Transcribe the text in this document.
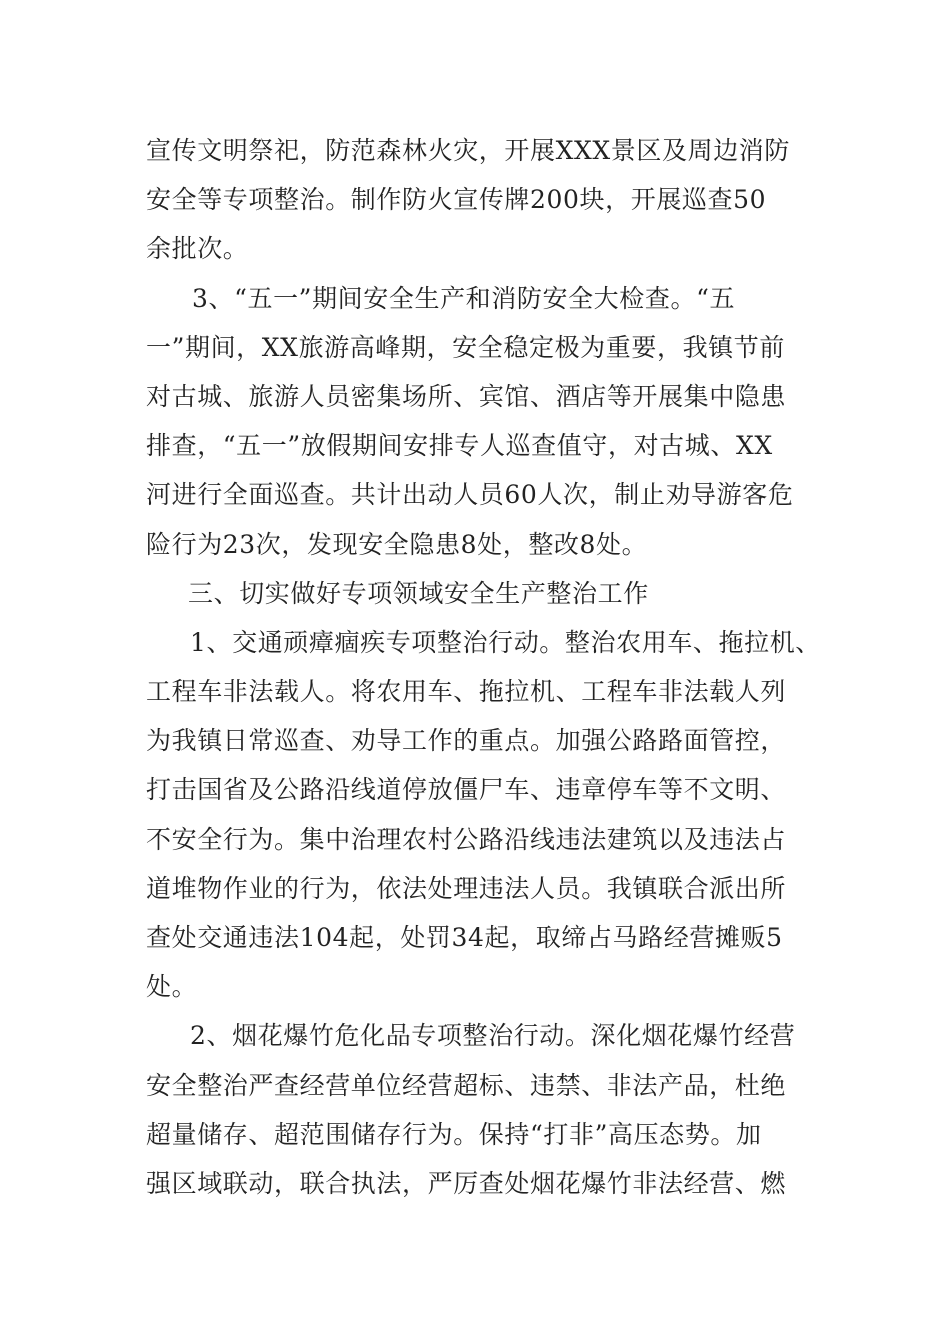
宣传文明祭祀，防范森林火灾，开展XXX景区及周边消防
安全等专项整治。制作防火宣传牌200块，开展巡查50
余批次。

3、“五一”期间安全生产和消防安全大检查。“五
一”期间，XX旅游高峰期，安全稳定极为重要，我镇节前
对古城、旅游人员密集场所、宾馆、酒店等开展集中隐患
排查，“五一”放假期间安排专人巡查值守，对古城、XX
河进行全面巡查。共计出动人员60人次，制止劝导游客危
险行为23次，发现安全隐患8处，整改8处。

三、切实做好专项领域安全生产整治工作

1、交通顽瘴痼疾专项整治行动。整治农用车、拖拉机、
工程车非法载人。将农用车、拖拉机、工程车非法载人列
为我镇日常巡查、劝导工作的重点。加强公路路面管控，
打击国省及公路沿线道停放僵尸车、违章停车等不文明、
不安全行为。集中治理农村公路沿线违法建筑以及违法占
道堆物作业的行为，依法处理违法人员。我镇联合派出所
查处交通违法104起，处罚34起，取缔占马路经营摊贩5
处。

2、烟花爆竹危化品专项整治行动。深化烟花爆竹经营
安全整治严查经营单位经营超标、违禁、非法产品，杜绝
超量储存、超范围储存行为。保持“打非”高压态势。加
强区域联动，联合执法，严厉查处烟花爆竹非法经营、燃
